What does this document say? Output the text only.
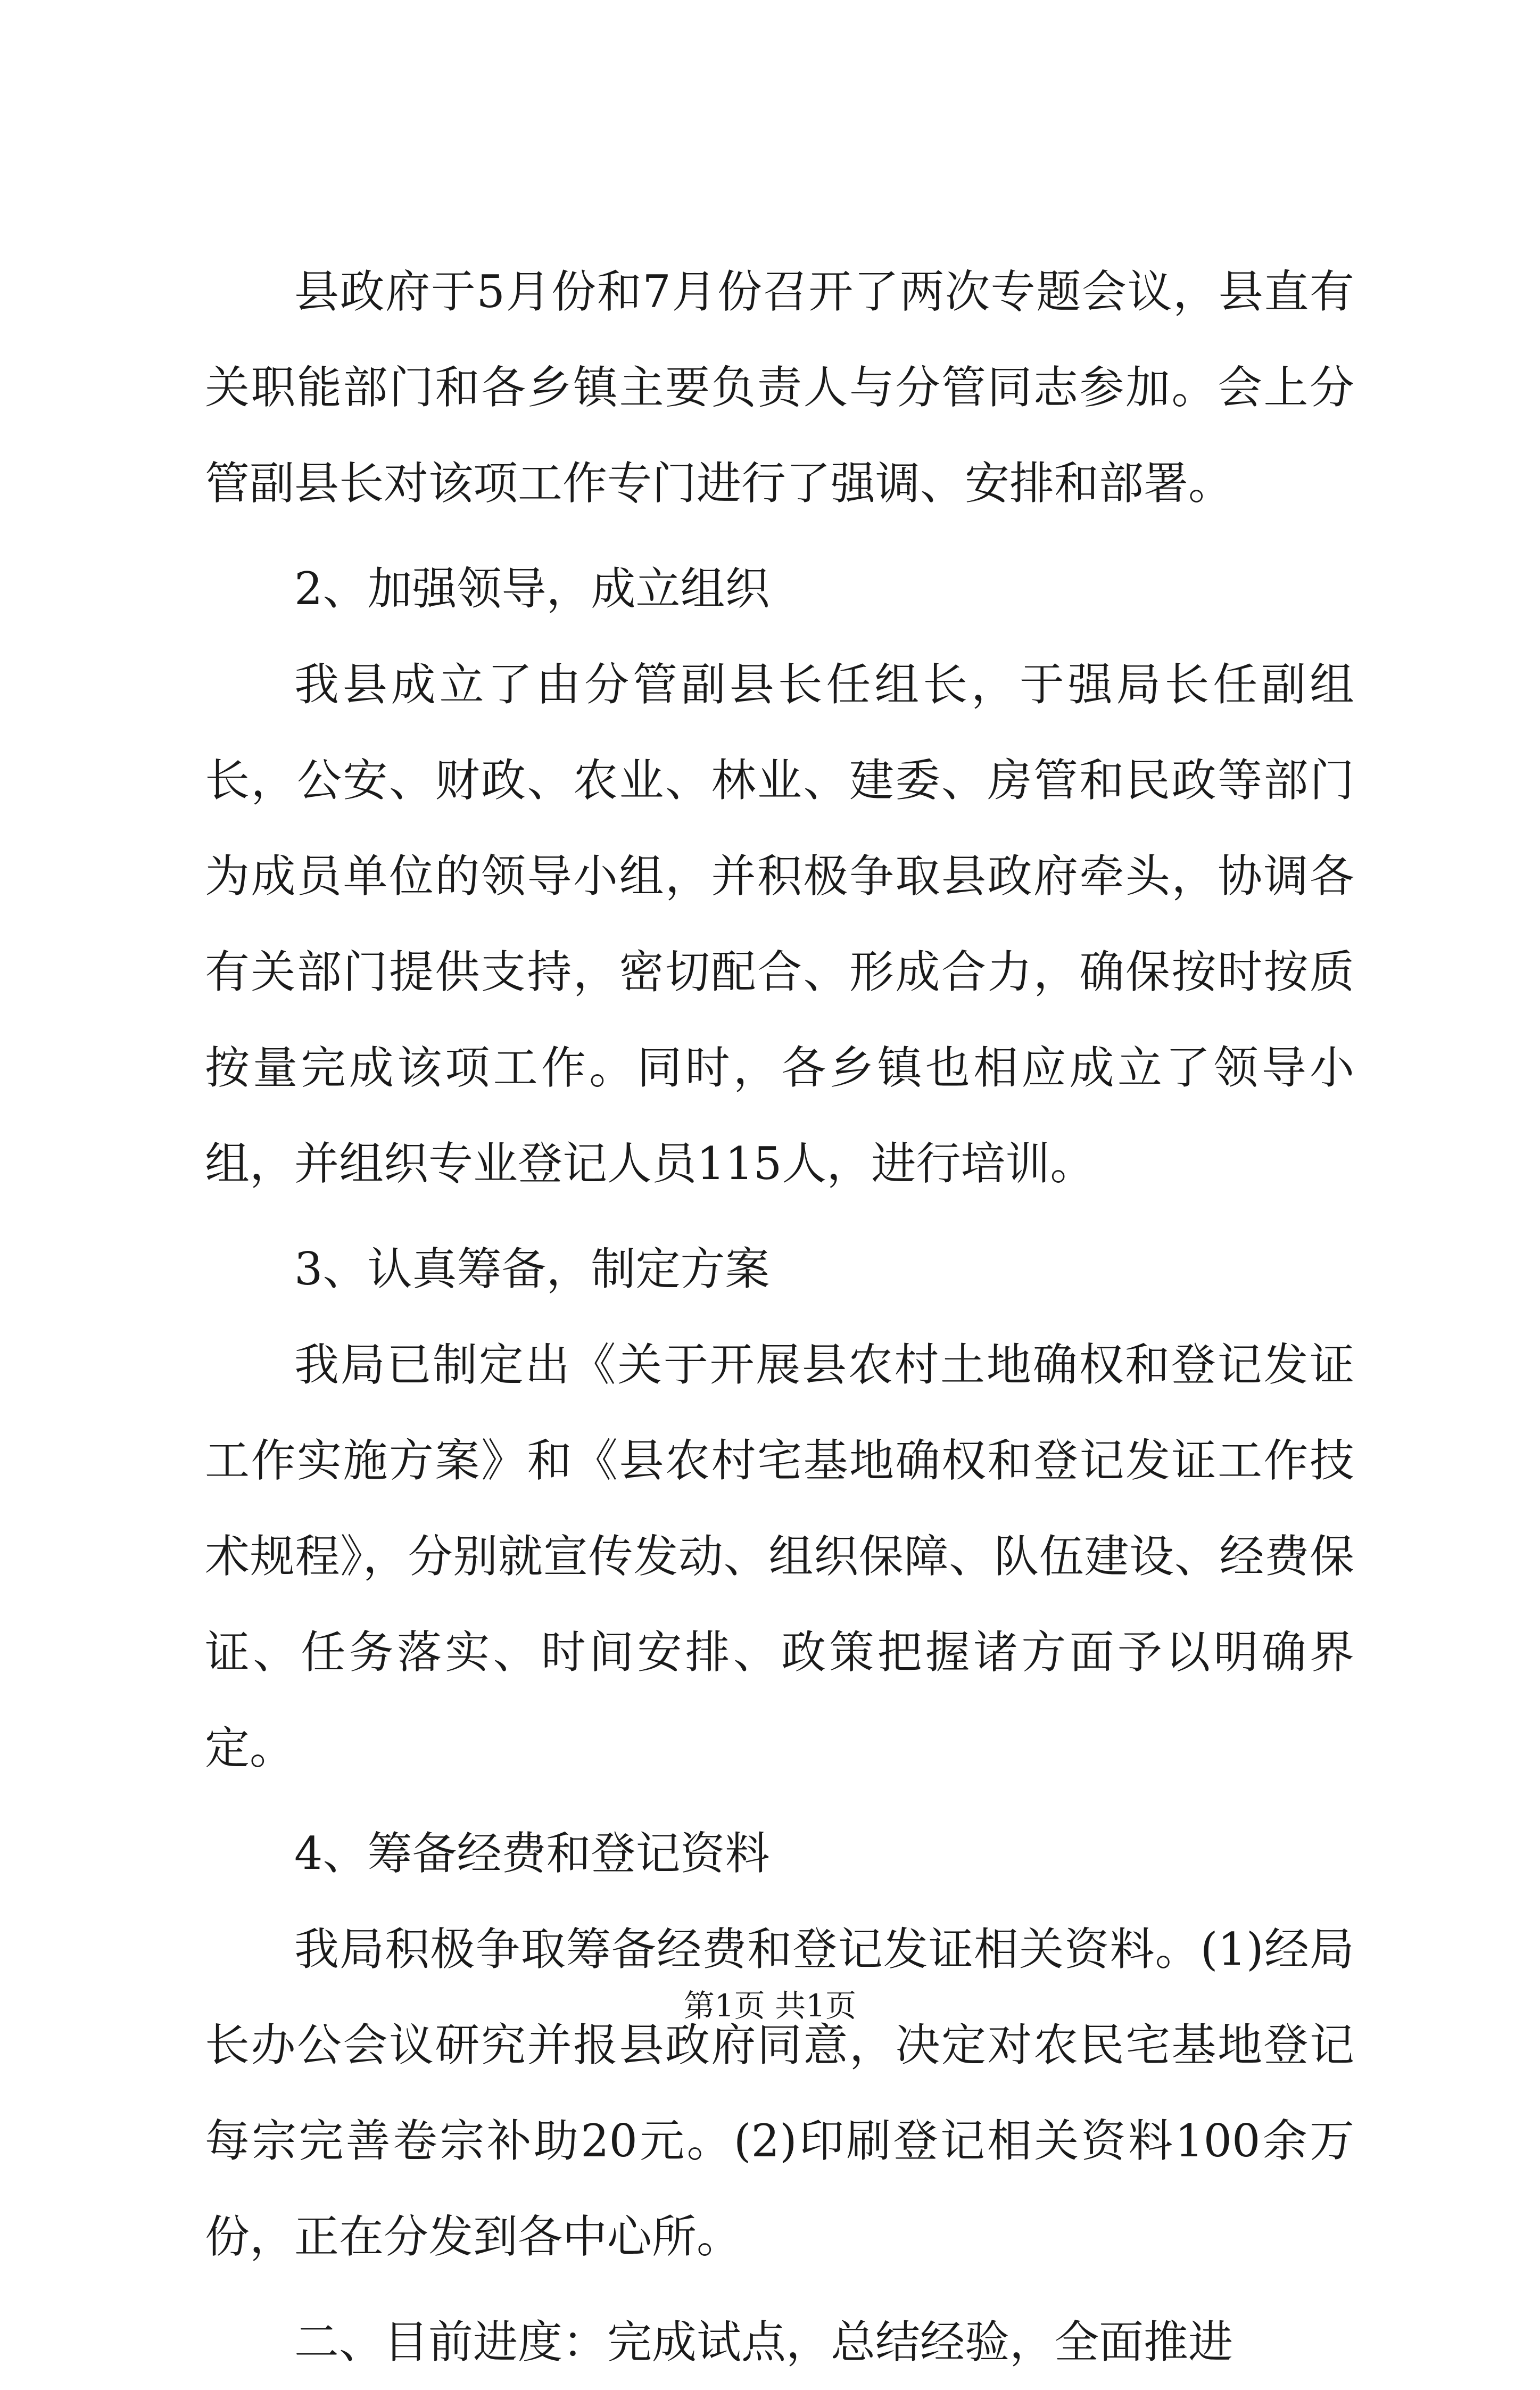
县政府于5月份和7月份召开了两次专题会议，县直有关职能部门和各乡镇主要负责人与分管同志参加。会上分管副县长对该项工作专门进行了强调、安排和部署。

2、加强领导，成立组织

我县成立了由分管副县长任组长，于强局长任副组长，公安、财政、农业、林业、建委、房管和民政等部门为成员单位的领导小组，并积极争取县政府牵头，协调各有关部门提供支持，密切配合、形成合力，确保按时按质按量完成该项工作。同时，各乡镇也相应成立了领导小组，并组织专业登记人员115人，进行培训。

3、认真筹备，制定方案

我局已制定出《关于开展县农村土地确权和登记发证工作实施方案》和《县农村宅基地确权和登记发证工作技术规程》，分别就宣传发动、组织保障、队伍建设、经费保证、任务落实、时间安排、政策把握诸方面予以明确界定。

4、筹备经费和登记资料

我局积极争取筹备经费和登记发证相关资料。(1)经局长办公会议研究并报县政府同意，决定对农民宅基地登记每宗完善卷宗补助20元。(2)印刷登记相关资料100余万份，正在分发到各中心所。

二、目前进度：完成试点，总结经验，全面推进

第1页 共1页
